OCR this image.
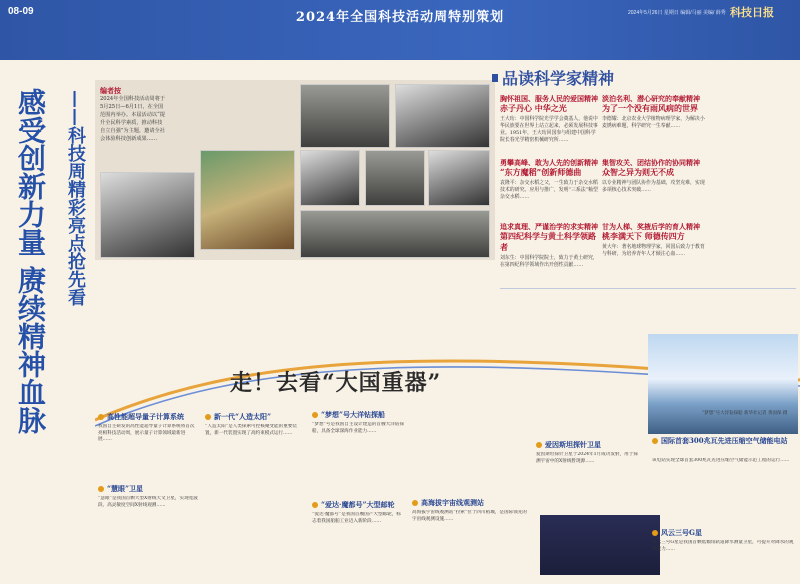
08-09	2024年全国科技活动周特别策划	2024年5月26日 星期日 编辑/马丽 美编/ 薛秀 科技日报
感受创新力量 赓续精神血脉	——科技周精彩亮点抢先看 编者按
2024年全国科技活动周将于5月25日—6月1日，在全国范围内举办。本届活动以“提升全民科学素质，推动科技自立自强”为主题，邀请全社会体验科技创新成果……
品读科学家精神
胸怀祖国、服务人民的爱国精神
赤子丹心 中华之光
王大珩：中国科学院光学学会奠基人，他说中华民族要在世界上站立起来，必须发展科技事业。1951年，王大珩回国参与组建中国科学院长春光学精密机械研究所……
勇攀高峰、敢为人先的创新精神
“东方魔稻”创新师德曲
袁隆平：杂交水稻之父，一生致力于杂交水稻技术的研究、应用与推广，发明“三系法”籼型杂交水稻……
追求真理、严谨治学的求实精神
第四纪科学与黄土科学领路者
刘东生：中国科学院院士，致力于黄土研究，在第四纪科学领域作出开创性贡献……
淡泊名利、潜心研究的奉献精神
为了一个没有雨风病的世界
李德耀：北京农业大学植物病理学家，为解决小麦锈病难题，科学研究一生奉献……
集智攻关、团结协作的协同精神
众智之异为则无不成
以专业精神与团队协作为基础，攻坚克难，实现多项核心技术突破……
甘为人梯、奖掖后学的育人精神
桃李满天下 师德传四方
黄大年：著名地球物理学家，回国后致力于教育与科研，为培养青年人才倾注心血……
走！去看“大国重器”
“梦想”号大洋钻探船 新华社记者 黄国保 摄
高性能超导量子计算系统
我国自主研发的高性能超导量子计算系统将首次亮相科技活动周，展示量子计算领域最新进展……
“慧眼”卫星
“慧眼”是我国首颗大型X射线天文卫星，实现宽波段、高灵敏度空间X射线观测……
新一代“人造太阳”
“人造太阳”是人类探索可控核聚变能的重要装置，新一代装置实现了高约束模式运行……
“梦想”号大洋钻探船
“梦想”号是我国自主设计建造的首艘大洋钻探船，具备全球深海作业能力……
“爱达·魔都号”大型邮轮
“爱达·魔都号”是我国首艘国产大型邮轮，标志着我国船舶工业迈入新阶段……
高海拔宇宙线观测站
高海拔宇宙线观测站“拉索”位于四川稻城，是国际领先的宇宙线观测设施……
爱因斯坦探针卫星
爱因斯坦探针卫星于2024年1月成功发射，用于探测宇宙中的X射线暂现源……
国际首套300兆瓦先进压缩空气储能电站
该电站实现全球首套300兆瓦先进压缩空气储能示范工程的运行……
风云三号G星
风云三号G星是我国首颗低倾角轨道降水测量卫星，可提升对降水的观测能力……
